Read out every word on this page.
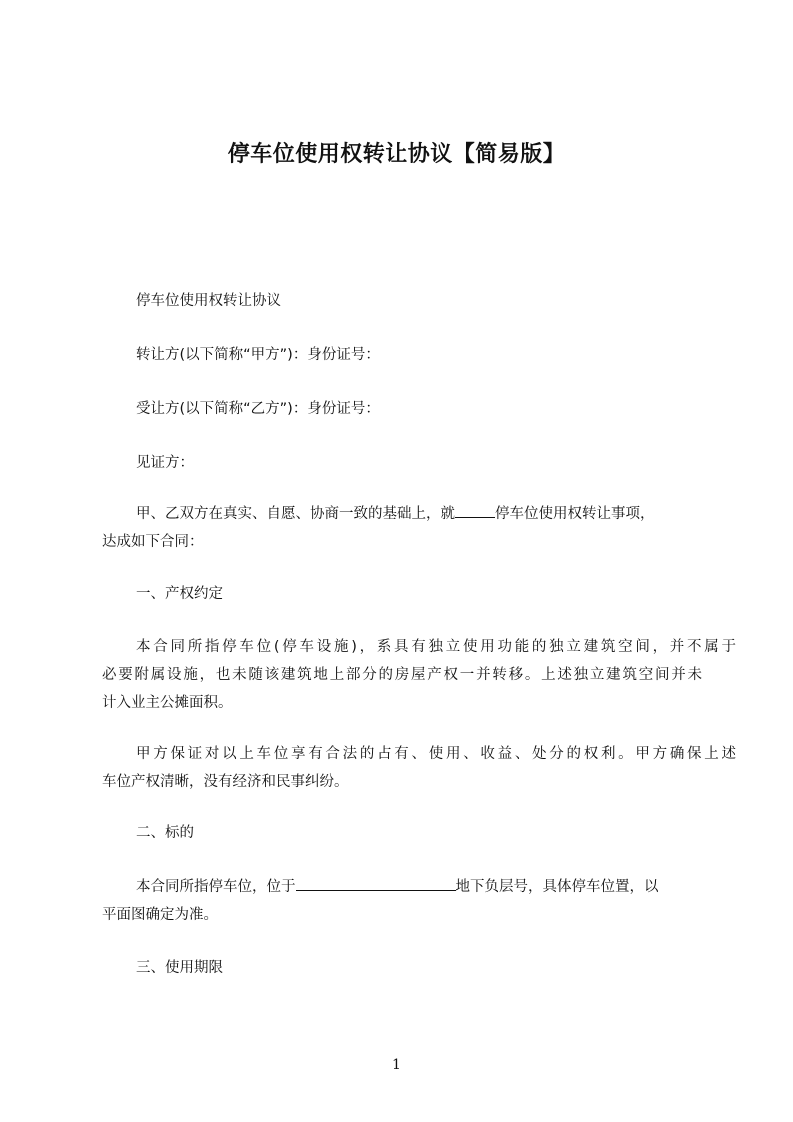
停车位使用权转让协议【简易版】
停车位使用权转让协议
转让方(以下简称“甲方”)：身份证号：
受让方(以下简称“乙方”)：身份证号：
见证方：
甲、乙双方在真实、自愿、协商一致的基础上，就	停车位使用权转让事项，
达成如下合同：
一、产权约定
本合同所指停车位(停车设施)，系具有独立使用功能的独立建筑空间，并不属于
必要附属设施，也未随该建筑地上部分的房屋产权一并转移。上述独立建筑空间并未
计入业主公摊面积。
甲方保证对以上车位享有合法的占有、使用、收益、处分的权利。甲方确保上述
车位产权清晰，没有经济和民事纠纷。
二、标的
本合同所指停车位，位于	地下负层号，具体停车位置，以
平面图确定为准。
三、使用期限
1
